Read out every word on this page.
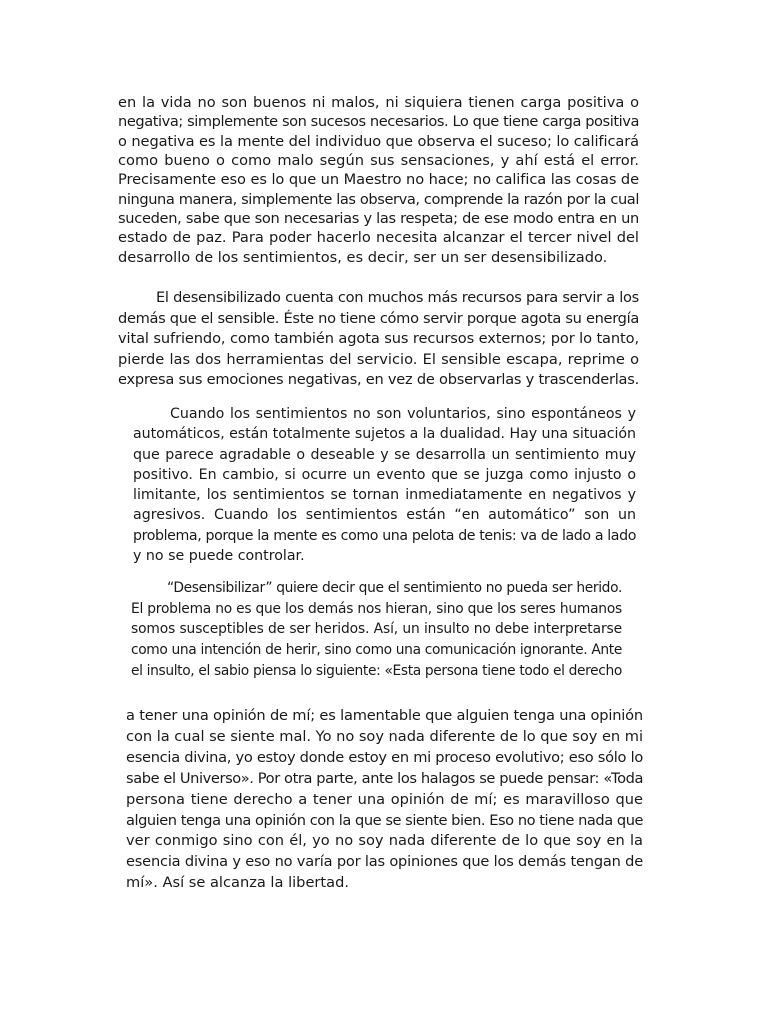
en la vida no son buenos ni malos, ni siquiera tienen carga positiva o
negativa; simplemente son sucesos necesarios. Lo que tiene carga positiva
o negativa es la mente del individuo que observa el suceso; lo calificará
como bueno o como malo según sus sensaciones, y ahí está el error.
Precisamente eso es lo que un Maestro no hace; no califica las cosas de
ninguna manera, simplemente las observa, comprende la razón por la cual
suceden, sabe que son necesarias y las respeta; de ese modo entra en un
estado de paz. Para poder hacerlo necesita alcanzar el tercer nivel del
desarrollo de los sentimientos, es decir, ser un ser desensibilizado.
El desensibilizado cuenta con muchos más recursos para servir a los
demás que el sensible. Éste no tiene cómo servir porque agota su energía
vital sufriendo, como también agota sus recursos externos; por lo tanto,
pierde las dos herramientas del servicio. El sensible escapa, reprime o
expresa sus emociones negativas, en vez de observarlas y trascenderlas.
Cuando los sentimientos no son voluntarios, sino espontáneos y
automáticos, están totalmente sujetos a la dualidad. Hay una situación
que parece agradable o deseable y se desarrolla un sentimiento muy
positivo. En cambio, si ocurre un evento que se juzga como injusto o
limitante, los sentimientos se tornan inmediatamente en negativos y
agresivos. Cuando los sentimientos están “en automático” son un
problema, porque la mente es como una pelota de tenis: va de lado a lado
y no se puede controlar.
“Desensibilizar” quiere decir que el sentimiento no pueda ser herido.
El problema no es que los demás nos hieran, sino que los seres humanos
somos susceptibles de ser heridos. Así, un insulto no debe interpretarse
como una intención de herir, sino como una comunicación ignorante. Ante
el insulto, el sabio piensa lo siguiente: «Esta persona tiene todo el derecho
a tener una opinión de mí; es lamentable que alguien tenga una opinión
con la cual se siente mal. Yo no soy nada diferente de lo que soy en mi
esencia divina, yo estoy donde estoy en mi proceso evolutivo; eso sólo lo
sabe el Universo». Por otra parte, ante los halagos se puede pensar: «Toda
persona tiene derecho a tener una opinión de mí; es maravilloso que
alguien tenga una opinión con la que se siente bien. Eso no tiene nada que
ver conmigo sino con él, yo no soy nada diferente de lo que soy en la
esencia divina y eso no varía por las opiniones que los demás tengan de
mí». Así se alcanza la libertad.
